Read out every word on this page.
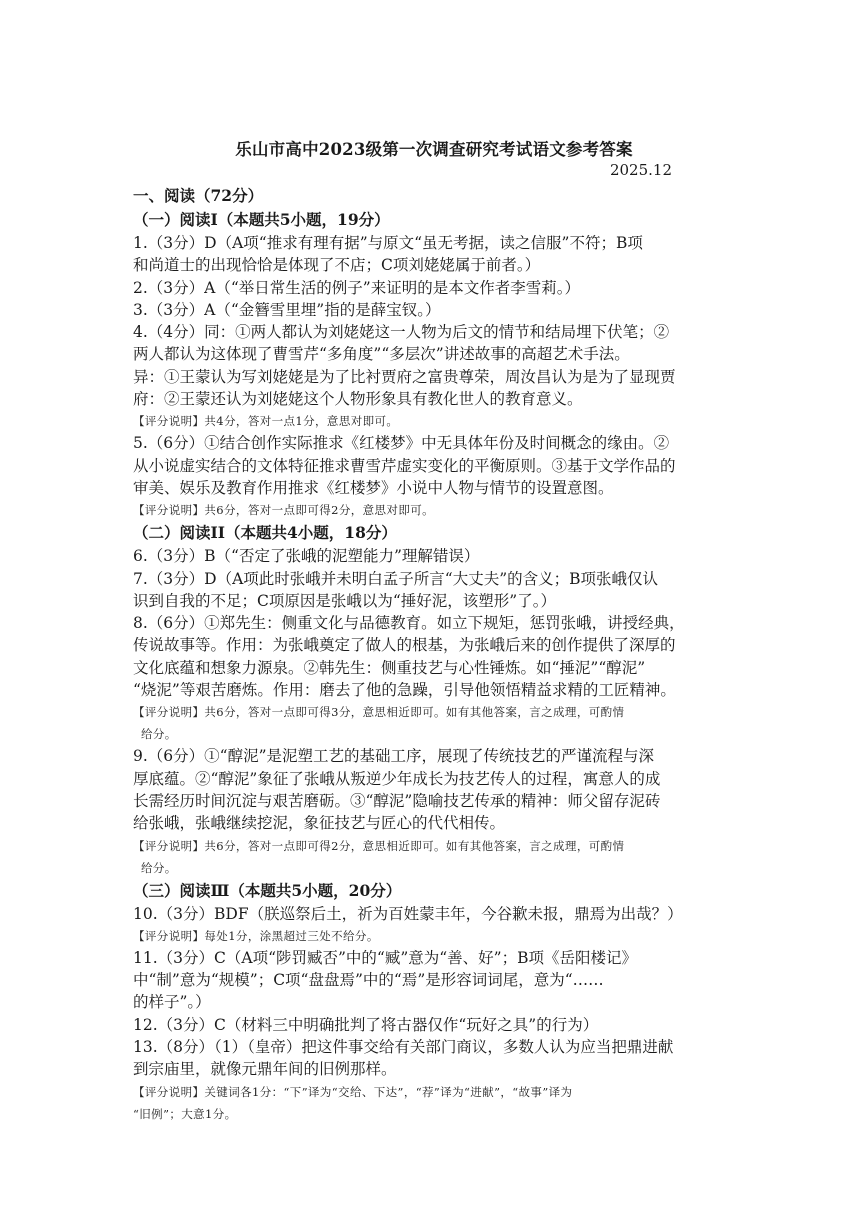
乐山市高中2023级第一次调查研究考试语文参考答案
2025.12
一、阅读（72分）
（一）阅读Ⅰ（本题共5小题，19分）
1.（3分）D（A项“推求有理有据”与原文“虽无考据，读之信服”不符；B项
和尚道士的出现恰恰是体现了不店；C项刘姥姥属于前者。）
2.（3分）A（“举日常生活的例子”来证明的是本文作者李雪莉。）
3.（3分）A（“金簪雪里埋”指的是薛宝钗。）
4.（4分）同：①两人都认为刘姥姥这一人物为后文的情节和结局埋下伏笔；②
两人都认为这体现了曹雪芹“多角度”“多层次”讲述故事的高超艺术手法。
异：①王蒙认为写刘姥姥是为了比衬贾府之富贵尊荣，周汝昌认为是为了显现贾
府：②王蒙还认为刘姥姥这个人物形象具有教化世人的教育意义。
【评分说明】共4分，答对一点1分，意思对即可。
5.（6分）①结合创作实际推求《红楼梦》中无具体年份及时间概念的缘由。②
从小说虚实结合的文体特征推求曹雪芹虚实变化的平衡原则。③基于文学作品的
审美、娱乐及教育作用推求《红楼梦》小说中人物与情节的设置意图。
【评分说明】共6分，答对一点即可得2分，意思对即可。
（二）阅读II（本题共4小题，18分）
6.（3分）B（“否定了张峨的泥塑能力”理解错误）
7.（3分）D（A项此时张峨并未明白孟子所言“大丈夫”的含义；B项张峨仅认
识到自我的不足；C项原因是张峨以为“捶好泥，该塑形”了。）
8.（6分）①郑先生：侧重文化与品德教育。如立下规矩，惩罚张峨，讲授经典，
传说故事等。作用：为张峨奠定了做人的根基，为张峨后来的创作提供了深厚的
文化底蕴和想象力源泉。②韩先生：侧重技艺与心性锤炼。如“捶泥”“醇泥”
“烧泥”等艰苦磨炼。作用：磨去了他的急躁，引导他领悟精益求精的工匠精神。
【评分说明】共6分，答对一点即可得3分，意思相近即可。如有其他答案，言之成理，可酌情
给分。
9.（6分）①“醇泥”是泥塑工艺的基础工序，展现了传统技艺的严谨流程与深
厚底蕴。②“醇泥”象征了张峨从叛逆少年成长为技艺传人的过程，寓意人的成
长需经历时间沉淀与艰苦磨砺。③“醇泥”隐喻技艺传承的精神：师父留存泥砖
给张峨，张峨继续挖泥，象征技艺与匠心的代代相传。
【评分说明】共6分，答对一点即可得2分，意思相近即可。如有其他答案，言之成理，可酌情
给分。
（三）阅读Ⅲ（本题共5小题，20分）
10.（3分）BDF（朕巡祭后土，祈为百姓蒙丰年，今谷歉未报，鼎焉为出哉？）
【评分说明】每处1分，涂黑超过三处不给分。
11.（3分）C（A项“陟罚臧否”中的“臧”意为“善、好”；B项《岳阳楼记》
中“制”意为“规模”；C项“盘盘焉”中的“焉”是形容词词尾，意为“……
的样子”。）
12.（3分）C（材料三中明确批判了将古器仅作“玩好之具”的行为）
13.（8分）（1）（皇帝）把这件事交给有关部门商议，多数人认为应当把鼎进献
到宗庙里，就像元鼎年间的旧例那样。
【评分说明】关键词各1分：“下”译为“交给、下达”，“荐”译为“进献”，“故事”译为
“旧例”；大意1分。
